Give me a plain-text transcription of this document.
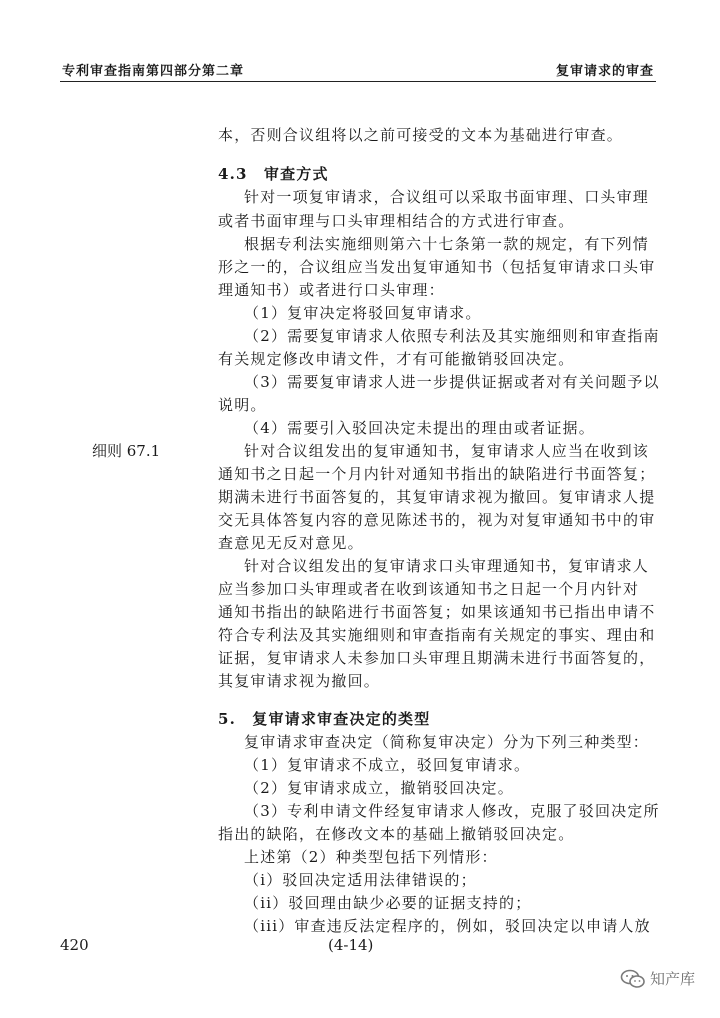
专利审查指南第四部分第二章	复审请求的审查
本，否则合议组将以之前可接受的文本为基础进行审查。
4.3　审查方式
针对一项复审请求，合议组可以采取书面审理、口头审理
或者书面审理与口头审理相结合的方式进行审查。
根据专利法实施细则第六十七条第一款的规定，有下列情
形之一的，合议组应当发出复审通知书（包括复审请求口头审
理通知书）或者进行口头审理：
（1）复审决定将驳回复审请求。
（2）需要复审请求人依照专利法及其实施细则和审查指南
有关规定修改申请文件，才有可能撤销驳回决定。
（3）需要复审请求人进一步提供证据或者对有关问题予以
说明。
（4）需要引入驳回决定未提出的理由或者证据。
细则 67.1	针对合议组发出的复审通知书，复审请求人应当在收到该
通知书之日起一个月内针对通知书指出的缺陷进行书面答复；
期满未进行书面答复的，其复审请求视为撤回。复审请求人提
交无具体答复内容的意见陈述书的，视为对复审通知书中的审
查意见无反对意见。
针对合议组发出的复审请求口头审理通知书，复审请求人
应当参加口头审理或者在收到该通知书之日起一个月内针对
通知书指出的缺陷进行书面答复；如果该通知书已指出申请不
符合专利法及其实施细则和审查指南有关规定的事实、理由和
证据，复审请求人未参加口头审理且期满未进行书面答复的，
其复审请求视为撤回。
5.　复审请求审查决定的类型
复审请求审查决定（简称复审决定）分为下列三种类型：
（1）复审请求不成立，驳回复审请求。
（2）复审请求成立，撤销驳回决定。
（3）专利申请文件经复审请求人修改，克服了驳回决定所
指出的缺陷，在修改文本的基础上撤销驳回决定。
上述第（2）种类型包括下列情形：
（i）驳回决定适用法律错误的；
（ii）驳回理由缺少必要的证据支持的；
（iii）审查违反法定程序的，例如，驳回决定以申请人放
420	(4-14)
知产库
